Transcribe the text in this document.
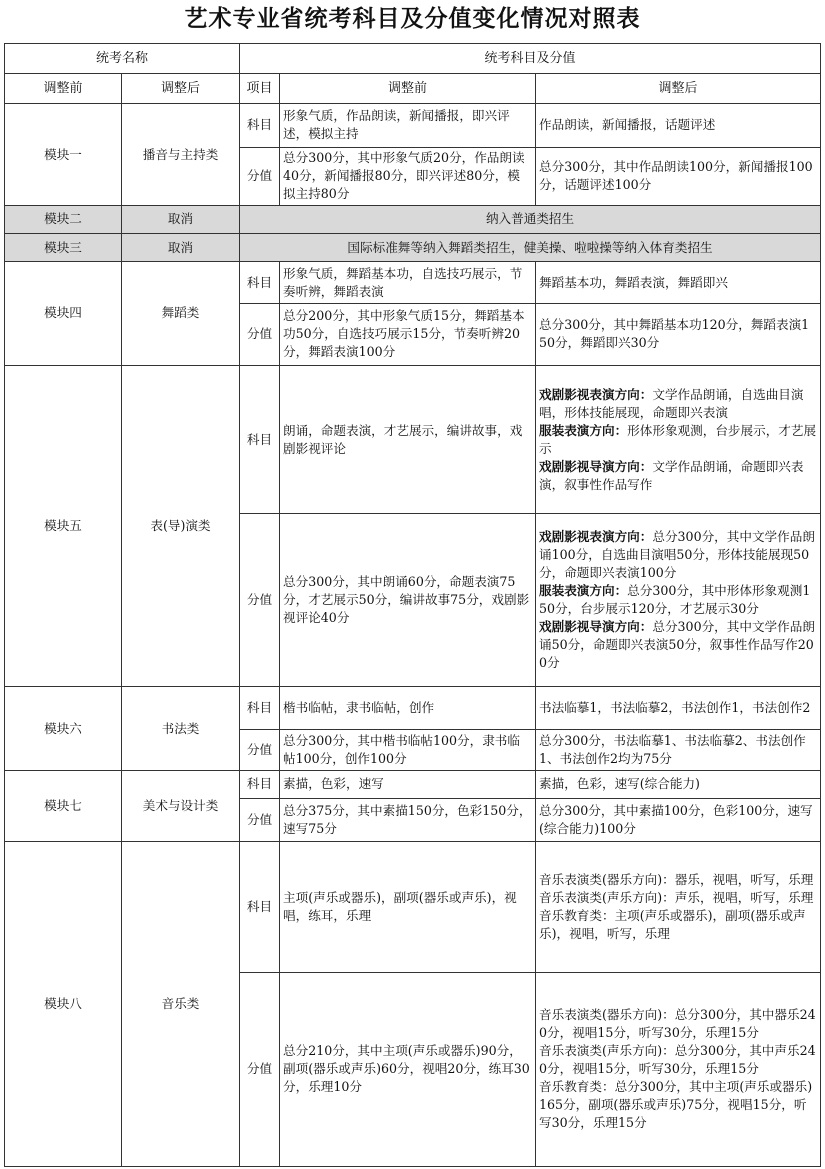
艺术专业省统考科目及分值变化情况对照表
统考名称		统考科目及分值		
调整前	调整后	项目	调整前	调整后
模块一	播音与主持类	科目	形象气质，作品朗读，新闻播报，即兴评述，模拟主持	作品朗读，新闻播报，话题评述
		分值	总分300分，其中形象气质20分，作品朗读40分，新闻播报80分，即兴评述80分，模拟主持80分	总分300分，其中作品朗读100分，新闻播报100分，话题评述100分
模块二	取消	纳入普通类招生		
模块三	取消	国际标准舞等纳入舞蹈类招生，健美操、啦啦操等纳入体育类招生		
模块四	舞蹈类	科目	形象气质，舞蹈基本功，自选技巧展示，节奏听辨，舞蹈表演	舞蹈基本功，舞蹈表演，舞蹈即兴
		分值	总分200分，其中形象气质15分，舞蹈基本功50分，自选技巧展示15分，节奏听辨20分，舞蹈表演100分	总分300分，其中舞蹈基本功120分，舞蹈表演150分，舞蹈即兴30分
模块五	表(导)演类	科目	朗诵，命题表演，才艺展示，编讲故事，戏剧影视评论	戏剧影视表演方向：文学作品朗诵，自选曲目演唱，形体技能展现，命题即兴表演
服装表演方向：形体形象观测，台步展示，才艺展示
戏剧影视导演方向：文学作品朗诵，命题即兴表演，叙事性作品写作

		分值	总分300分，其中朗诵60分，命题表演75分，才艺展示50分，编讲故事75分，戏剧影视评论40分	戏剧影视表演方向：总分300分，其中文学作品朗诵100分，自选曲目演唱50分，形体技能展现50分，命题即兴表演100分
服装表演方向：总分300分，其中形体形象观测150分，台步展示120分，才艺展示30分
戏剧影视导演方向：总分300分，其中文学作品朗诵50分，命题即兴表演50分，叙事性作品写作200分

模块六	书法类	科目	楷书临帖，隶书临帖，创作	书法临摹1，书法临摹2，书法创作1，书法创作2
		分值	总分300分，其中楷书临帖100分，隶书临帖100分，创作100分	总分300分，书法临摹1、书法临摹2、书法创作1、书法创作2均为75分
模块七	美术与设计类	科目	素描，色彩，速写	素描，色彩，速写(综合能力)
		分值	总分375分，其中素描150分，色彩150分，速写75分	总分300分，其中素描100分，色彩100分，速写(综合能力)100分
模块八	音乐类	科目	主项(声乐或器乐)，副项(器乐或声乐)，视唱，练耳，乐理	音乐表演类(器乐方向)：器乐，视唱，听写，乐理
音乐表演类(声乐方向)：声乐，视唱，听写，乐理
音乐教育类：主项(声乐或器乐)，副项(器乐或声乐)，视唱，听写，乐理

		分值	总分210分，其中主项(声乐或器乐)90分，副项(器乐或声乐)60分，视唱20分，练耳30分，乐理10分	音乐表演类(器乐方向)：总分300分，其中器乐240分，视唱15分，听写30分，乐理15分
音乐表演类(声乐方向)：总分300分，其中声乐240分，视唱15分，听写30分，乐理15分
音乐教育类：总分300分，其中主项(声乐或器乐)165分，副项(器乐或声乐)75分，视唱15分，听写30分，乐理15分
